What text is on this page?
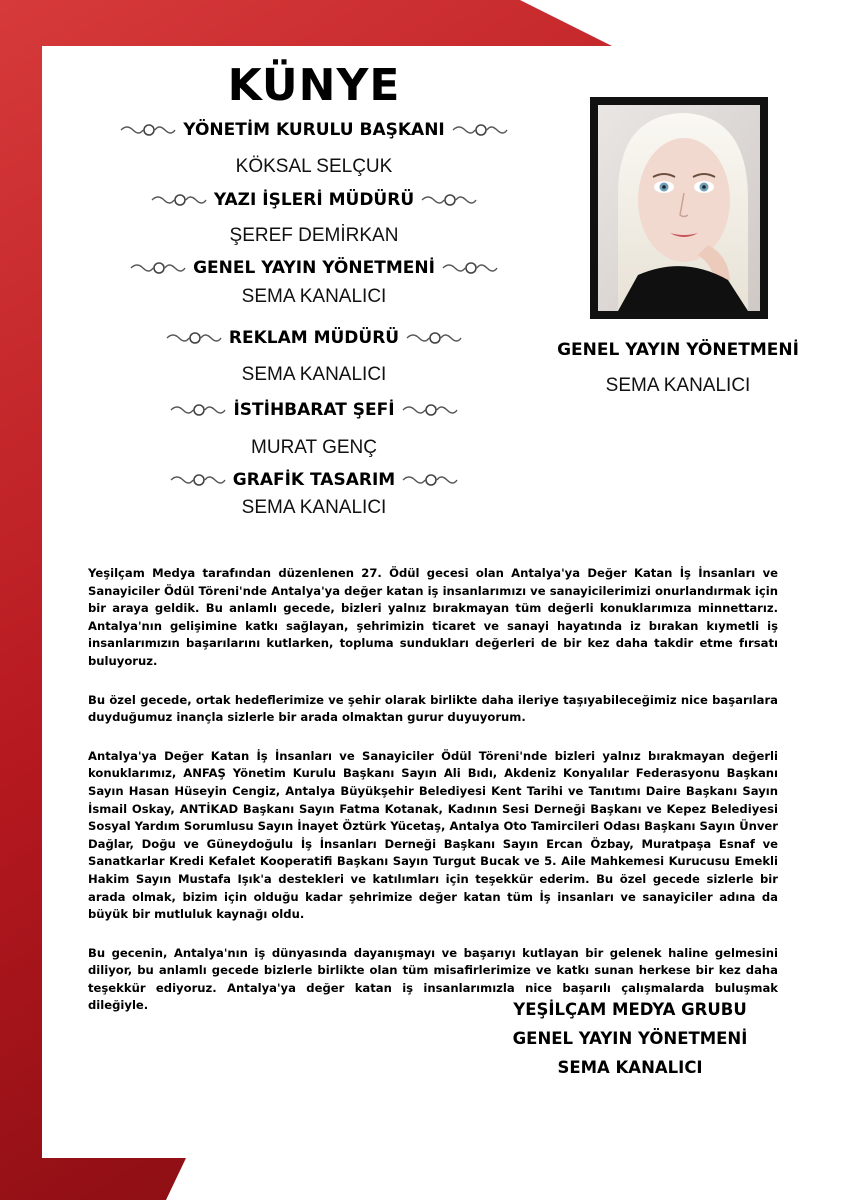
KÜNYE
YÖNETİM KURULU BAŞKANI
KÖKSAL SELÇUK
YAZI İŞLERİ MÜDÜRÜ
ŞEREF DEMİRKAN
GENEL YAYIN YÖNETMENİ
SEMA KANALICI
REKLAM MÜDÜRÜ
SEMA KANALICI
İSTİHBARAT ŞEFİ
MURAT GENÇ
GRAFİK TASARIM
SEMA KANALICI
GENEL YAYIN YÖNETMENİ
SEMA KANALICI

Yeşilçam Medya tarafından düzenlenen 27. Ödül gecesi olan Antalya'ya Değer Katan İş İnsanları ve Sanayiciler Ödül Töreni'nde Antalya'ya değer katan iş insanlarımızı ve sanayicilerimizi onurlandırmak için bir araya geldik. Bu anlamlı gecede, bizleri yalnız bırakmayan tüm değerli konuklarımıza minnettarız. Antalya'nın gelişimine katkı sağlayan, şehrimizin ticaret ve sanayi hayatında iz bırakan kıymetli iş insanlarımızın başarılarını kutlarken, topluma sundukları değerleri de bir kez daha takdir etme fırsatı buluyoruz.

Bu özel gecede, ortak hedeflerimize ve şehir olarak birlikte daha ileriye taşıyabileceğimiz nice başarılara duyduğumuz inançla sizlerle bir arada olmaktan gurur duyuyorum.

Antalya'ya Değer Katan İş İnsanları ve Sanayiciler Ödül Töreni'nde bizleri yalnız bırakmayan değerli konuklarımız, ANFAŞ Yönetim Kurulu Başkanı Sayın Ali Bıdı, Akdeniz Konyalılar Federasyonu Başkanı Sayın Hasan Hüseyin Cengiz, Antalya Büyükşehir Belediyesi Kent Tarihi ve Tanıtımı Daire Başkanı Sayın İsmail Oskay, ANTİKAD Başkanı Sayın Fatma Kotanak, Kadının Sesi Derneği Başkanı ve Kepez Belediyesi Sosyal Yardım Sorumlusu Sayın İnayet Öztürk Yücetaş, Antalya Oto Tamircileri Odası Başkanı Sayın Ünver Dağlar, Doğu ve Güneydoğulu İş İnsanları Derneği Başkanı Sayın Ercan Özbay, Muratpaşa Esnaf ve Sanatkarlar Kredi Kefalet Kooperatifi Başkanı Sayın Turgut Bucak ve 5. Aile Mahkemesi Kurucusu Emekli Hakim Sayın Mustafa Işık'a destekleri ve katılımları için teşekkür ederim. Bu özel gecede sizlerle bir arada olmak, bizim için olduğu kadar şehrimize değer katan tüm İş insanları ve sanayiciler adına da büyük bir mutluluk kaynağı oldu.

Bu gecenin, Antalya'nın iş dünyasında dayanışmayı ve başarıyı kutlayan bir gelenek haline gelmesini diliyor, bu anlamlı gecede bizlerle birlikte olan tüm misafirlerimize ve katkı sunan herkese bir kez daha teşekkür ediyoruz. Antalya'ya değer katan iş insanlarımızla nice başarılı çalışmalarda buluşmak dileğiyle.	YEŞİLÇAM MEDYA GRUBU
GENEL YAYIN YÖNETMENİ
SEMA KANALICI
